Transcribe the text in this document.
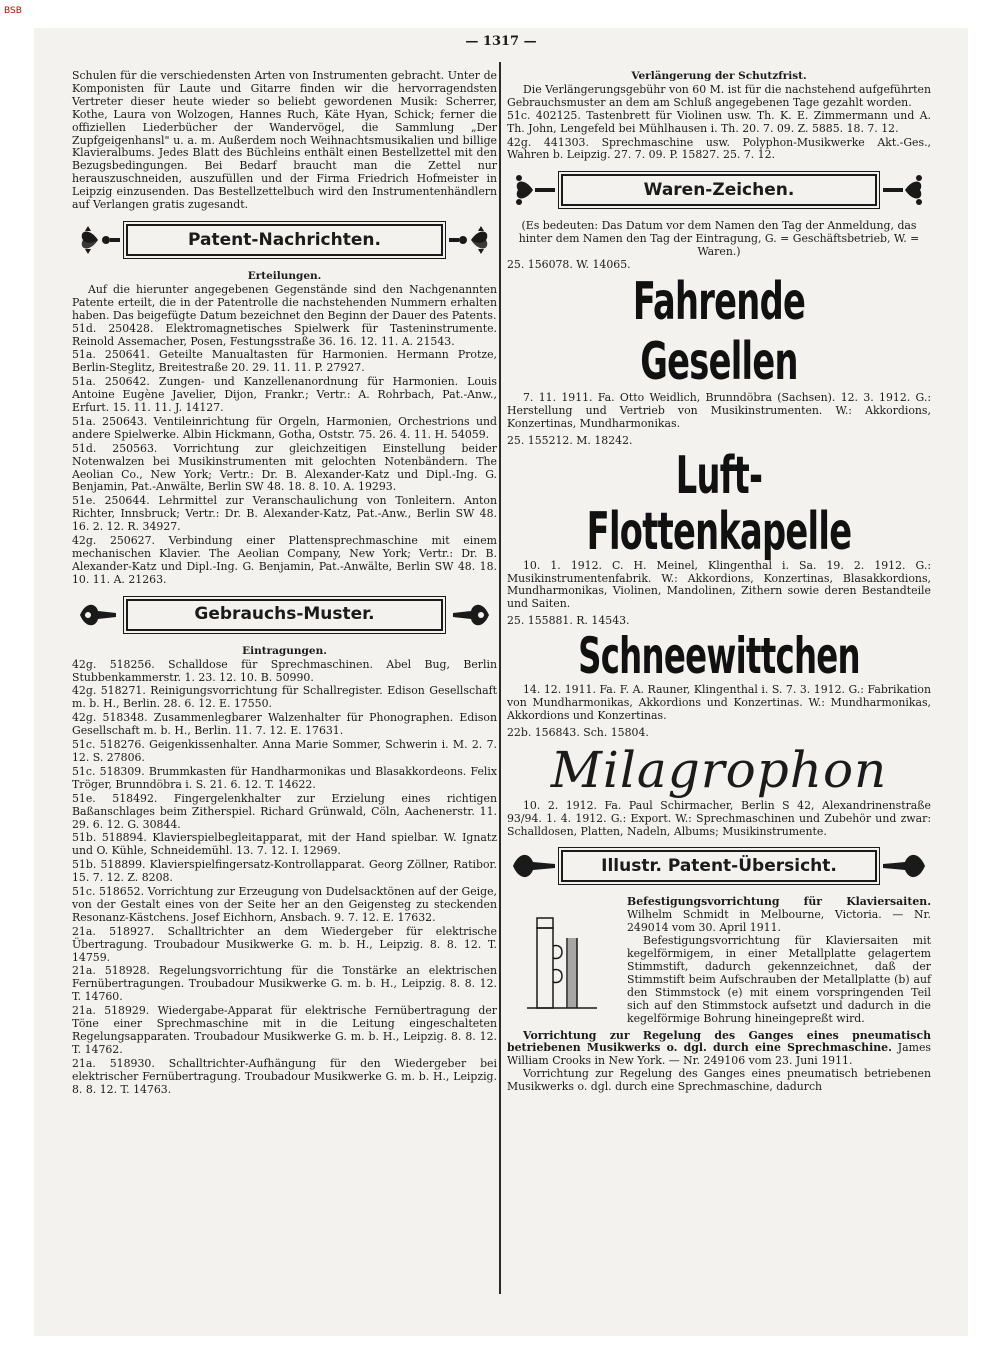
BSB
— 1317 —

Schulen für die verschiedensten Arten von Instrumenten gebracht. Unter de Komponisten für Laute und Gitarre finden wir die hervorragendsten Vertreter dieser heute wieder so beliebt gewordenen Musik: Scherrer, Kothe, Laura von Wolzogen, Hannes Ruch, Käte Hyan, Schick; ferner die offiziellen Liederbücher der Wandervögel, die Sammlung „Der Zupfgeigenhansl" u. a. m. Außerdem noch Weihnachtsmusikalien und billige Klavieralbums. Jedes Blatt des Büchleins enthält einen Bestellzettel mit den Bezugsbedingungen. Bei Bedarf braucht man die Zettel nur herauszuschneiden, auszufüllen und der Firma Friedrich Hofmeister in Leipzig einzusenden. Das Bestellzettelbuch wird den Instrumentenhändlern auf Verlangen gratis zugesandt.

Patent-Nachrichten.
Erteilungen.

Auf die hierunter angegebenen Gegenstände sind den Nachgenannten Patente erteilt, die in der Patentrolle die nachstehenden Nummern erhalten haben. Das beigefügte Datum bezeichnet den Beginn der Dauer des Patents.

51d. 250428. Elektromagnetisches Spielwerk für Tasteninstrumente. Reinold Assemacher, Posen, Festungsstraße 36. 16. 12. 11. A. 21543.

51a. 250641. Geteilte Manualtasten für Harmonien. Hermann Protze, Berlin-Steglitz, Breitestraße 20. 29. 11. 11. P. 27927.

51a. 250642. Zungen- und Kanzellenanordnung für Harmonien. Louis Antoine Eugène Javelier, Dijon, Frankr.; Vertr.: A. Rohrbach, Pat.-Anw., Erfurt. 15. 11. 11. J. 14127.

51a. 250643. Ventileinrichtung für Orgeln, Harmonien, Orchestrions und andere Spielwerke. Albin Hickmann, Gotha, Oststr. 75. 26. 4. 11. H. 54059.

51d. 250563. Vorrichtung zur gleichzeitigen Einstellung beider Notenwalzen bei Musikinstrumenten mit gelochten Notenbändern. The Aeolian Co., New York; Vertr.: Dr. B. Alexander-Katz und Dipl.-Ing. G. Benjamin, Pat.-Anwälte, Berlin SW 48. 18. 8. 10. A. 19293.

51e. 250644. Lehrmittel zur Veranschaulichung von Tonleitern. Anton Richter, Innsbruck; Vertr.: Dr. B. Alexander-Katz, Pat.-Anw., Berlin SW 48. 16. 2. 12. R. 34927.

42g. 250627. Verbindung einer Plattensprechmaschine mit einem mechanischen Klavier. The Aeolian Company, New York; Vertr.: Dr. B. Alexander-Katz und Dipl.-Ing. G. Benjamin, Pat.-Anwälte, Berlin SW 48. 18. 10. 11. A. 21263.

Gebrauchs-Muster.
Eintragungen.

42g. 518256. Schalldose für Sprechmaschinen. Abel Bug, Berlin Stubbenkammerstr. 1. 23. 12. 10. B. 50990.

42g. 518271. Reinigungsvorrichtung für Schallregister. Edison Gesellschaft m. b. H., Berlin. 28. 6. 12. E. 17550.

42g. 518348. Zusammenlegbarer Walzenhalter für Phonographen. Edison Gesellschaft m. b. H., Berlin. 11. 7. 12. E. 17631.

51c. 518276. Geigenkissenhalter. Anna Marie Sommer, Schwerin i. M. 2. 7. 12. S. 27806.

51c. 518309. Brummkasten für Handharmonikas und Blasakkordeons. Felix Tröger, Brunndöbra i. S. 21. 6. 12. T. 14622.

51e. 518492. Fingergelenkhalter zur Erzielung eines richtigen Baßanschlages beim Zitherspiel. Richard Grünwald, Cöln, Aachenerstr. 11. 29. 6. 12. G. 30844.

51b. 518894. Klavierspielbegleitapparat, mit der Hand spielbar. W. Ignatz und O. Kühle, Schneidemühl. 13. 7. 12. I. 12969.

51b. 518899. Klavierspielfingersatz-Kontrollapparat. Georg Zöllner, Ratibor. 15. 7. 12. Z. 8208.

51c. 518652. Vorrichtung zur Erzeugung von Dudelsacktönen auf der Geige, von der Gestalt eines von der Seite her an den Geigensteg zu steckenden Resonanz-Kästchens. Josef Eichhorn, Ansbach. 9. 7. 12. E. 17632.

21a. 518927. Schalltrichter an dem Wiedergeber für elektrische Übertragung. Troubadour Musikwerke G. m. b. H., Leipzig. 8. 8. 12. T. 14759.

21a. 518928. Regelungsvorrichtung für die Tonstärke an elektrischen Fernübertragungen. Troubadour Musikwerke G. m. b. H., Leipzig. 8. 8. 12. T. 14760.

21a. 518929. Wiedergabe-Apparat für elektrische Fernübertragung der Töne einer Sprechmaschine mit in die Leitung eingeschalteten Regelungsapparaten. Troubadour Musikwerke G. m. b. H., Leipzig. 8. 8. 12. T. 14762.

21a. 518930. Schalltrichter-Aufhängung für den Wiedergeber bei elektrischer Fernübertragung. Troubadour Musikwerke G. m. b. H., Leipzig. 8. 8. 12. T. 14763.

Verlängerung der Schutzfrist.

Die Verlängerungsgebühr von 60 M. ist für die nachstehend aufgeführten Gebrauchsmuster an dem am Schluß angegebenen Tage gezahlt worden.

51c. 402125. Tastenbrett für Violinen usw. Th. K. E. Zimmermann und A. Th. John, Lengefeld bei Mühlhausen i. Th. 20. 7. 09. Z. 5885. 18. 7. 12.

42g. 441303. Sprechmaschine usw. Polyphon-Musikwerke Akt.-Ges., Wahren b. Leipzig. 27. 7. 09. P. 15827. 25. 7. 12.

Waren-Zeichen.

(Es bedeuten: Das Datum vor dem Namen den Tag der Anmeldung, das hinter dem Namen den Tag der Eintragung, G. = Geschäftsbetrieb, W. = Waren.)

25. 156078. W. 14065.

Fahrende Gesellen

7. 11. 1911. Fa. Otto Weidlich, Brunndöbra (Sachsen). 12. 3. 1912. G.: Herstellung und Vertrieb von Musikinstrumenten. W.: Akkordions, Konzertinas, Mundharmonikas.

25. 155212. M. 18242.

Luft-
Flottenkapelle

10. 1. 1912. C. H. Meinel, Klingenthal i. Sa. 19. 2. 1912. G.: Musikinstrumentenfabrik. W.: Akkordions, Konzertinas, Blasakkordions, Mundharmonikas, Violinen, Mandolinen, Zithern sowie deren Bestandteile und Saiten.

25. 155881. R. 14543.

Schneewittchen

14. 12. 1911. Fa. F. A. Rauner, Klingenthal i. S. 7. 3. 1912. G.: Fabrikation von Mundharmonikas, Akkordions und Konzertinas. W.: Mundharmonikas, Akkordions und Konzertinas.

22b. 156843. Sch. 15804.

Milagrophon

10. 2. 1912. Fa. Paul Schirmacher, Berlin S 42, Alexandrinenstraße 93/94. 1. 4. 1912. G.: Export. W.: Sprechmaschinen und Zubehör und zwar: Schalldosen, Platten, Nadeln, Albums; Musikinstrumente.

Illustr. Patent-Übersicht.

Befestigungsvorrichtung für Klaviersaiten. Wilhelm Schmidt in Melbourne, Victoria. — Nr. 249014 vom 30. April 1911.

Befestigungsvorrichtung für Klaviersaiten mit kegelförmigem, in einer Metallplatte gelagertem Stimmstift, dadurch gekennzeichnet, daß der Stimmstift beim Aufschrauben der Metallplatte (b) auf den Stimmstock (e) mit einem vorspringenden Teil sich auf den Stimmstock aufsetzt und dadurch in die kegelförmige Bohrung hineingepreßt wird.

Vorrichtung zur Regelung des Ganges eines pneumatisch betriebenen Musikwerks o. dgl. durch eine Sprechmaschine. James William Crooks in New York. — Nr. 249106 vom 23. Juni 1911.

Vorrichtung zur Regelung des Ganges eines pneumatisch betriebenen Musikwerks o. dgl. durch eine Sprechmaschine, dadurch
